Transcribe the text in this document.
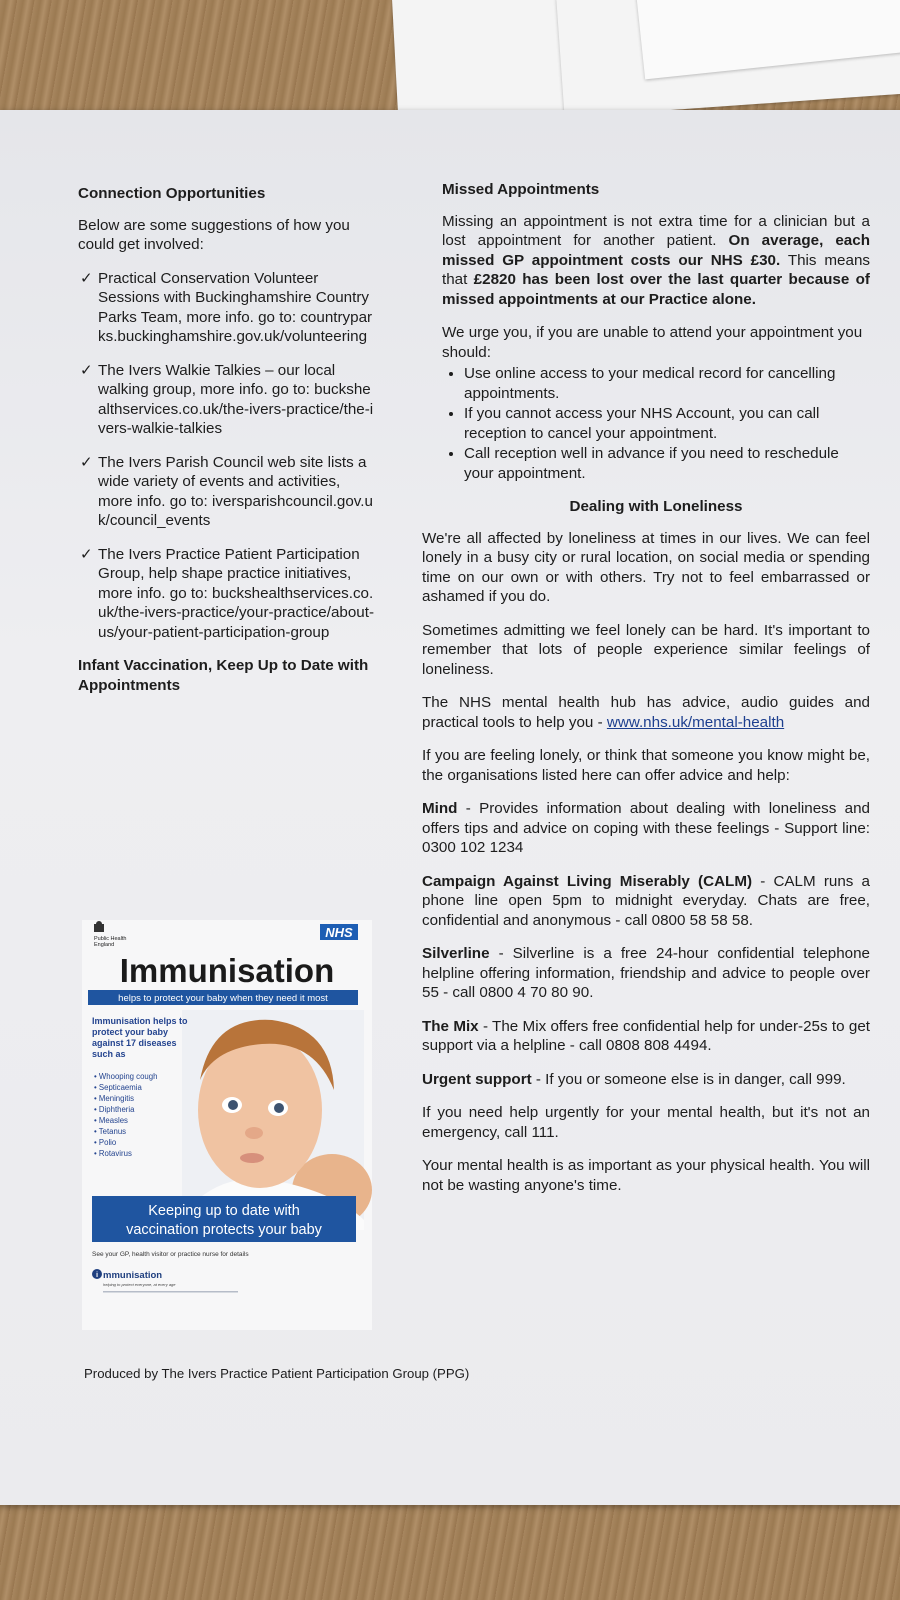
Connection Opportunities

Below are some suggestions of how you could get involved:

✓ Practical Conservation Volunteer Sessions with Buckinghamshire Country Parks Team, more info. go to: countryparks.buckinghamshire.gov.uk/volunteering
✓ The Ivers Walkie Talkies – our local walking group, more info. go to: buckshealthservices.co.uk/the-ivers-practice/the-ivers-walkie-talkies
✓ The Ivers Parish Council web site lists a wide variety of events and activities, more info. go to: iversparishcouncil.gov.uk/council_events
✓ The Ivers Practice Patient Participation Group, help shape practice initiatives, more info. go to: buckshealthservices.co.uk/the-ivers-practice/your-practice/about-us/your-patient-participation-group
Infant Vaccination, Keep Up to Date with Appointments
Public Health
England
NHS
Immunisation
helps to protect your baby when they need it most
Immunisation helps to
protect your baby
against 17 diseases
such as
• Whooping cough
• Septicaemia
• Meningitis
• Diphtheria
• Measles
• Tetanus
• Polio
• Rotavirus
Keeping up to date with
vaccination protects your baby
See your GP, health visitor or practice nurse for details
i mmunisation
helping to protect everyone, at every age
Missed Appointments

Missing an appointment is not extra time for a clinician but a lost appointment for another patient. On average, each missed GP appointment costs our NHS £30. This means that £2820 has been lost over the last quarter because of missed appointments at our Practice alone.

We urge you, if you are unable to attend your appointment you should:

• Use online access to your medical record for cancelling appointments.
• If you cannot access your NHS Account, you can call reception to cancel your appointment.
• Call reception well in advance if you need to reschedule your appointment.
Dealing with Loneliness

We're all affected by loneliness at times in our lives. We can feel lonely in a busy city or rural location, on social media or spending time on our own or with others. Try not to feel embarrassed or ashamed if you do.

Sometimes admitting we feel lonely can be hard. It's important to remember that lots of people experience similar feelings of loneliness.

The NHS mental health hub has advice, audio guides and practical tools to help you - www.nhs.uk/mental-health

If you are feeling lonely, or think that someone you know might be, the organisations listed here can offer advice and help:

Mind - Provides information about dealing with loneliness and offers tips and advice on coping with these feelings - Support line: 0300 102 1234

Campaign Against Living Miserably (CALM) - CALM runs a phone line open 5pm to midnight everyday. Chats are free, confidential and anonymous - call 0800 58 58 58.

Silverline - Silverline is a free 24-hour confidential telephone helpline offering information, friendship and advice to people over 55 - call 0800 4 70 80 90.

The Mix - The Mix offers free confidential help for under-25s to get support via a helpline - call 0808 808 4494.

Urgent support - If you or someone else is in danger, call 999.

If you need help urgently for your mental health, but it's not an emergency, call 111.

Your mental health is as important as your physical health. You will not be wasting anyone's time.

Produced by The Ivers Practice Patient Participation Group (PPG)
